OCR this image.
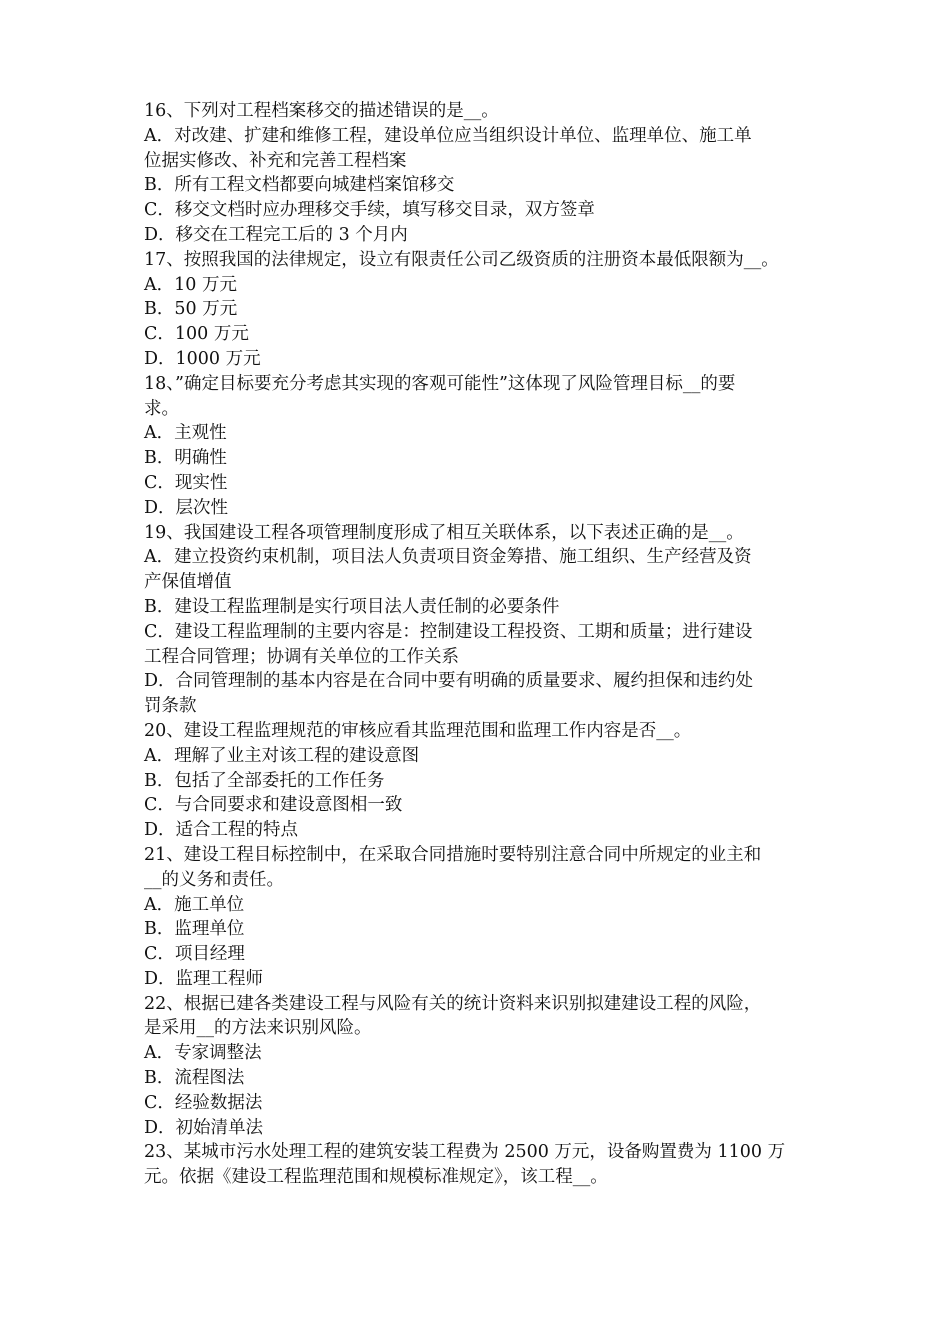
16、下列对工程档案移交的描述错误的是__。
A．对改建、扩建和维修工程，建设单位应当组织设计单位、监理单位、施工单
位据实修改、补充和完善工程档案
B．所有工程文档都要向城建档案馆移交
C．移交文档时应办理移交手续，填写移交目录，双方签章
D．移交在工程完工后的 3 个月内
17、按照我国的法律规定，设立有限责任公司乙级资质的注册资本最低限额为__。
A．10 万元
B．50 万元
C．100 万元
D．1000 万元
18、”确定目标要充分考虑其实现的客观可能性”这体现了风险管理目标__的要
求。
A．主观性
B．明确性
C．现实性
D．层次性
19、我国建设工程各项管理制度形成了相互关联体系，以下表述正确的是__。
A．建立投资约束机制，项目法人负责项目资金筹措、施工组织、生产经营及资
产保值增值
B．建设工程监理制是实行项目法人责任制的必要条件
C．建设工程监理制的主要内容是：控制建设工程投资、工期和质量；进行建设
工程合同管理；协调有关单位的工作关系
D．合同管理制的基本内容是在合同中要有明确的质量要求、履约担保和违约处
罚条款
20、建设工程监理规范的审核应看其监理范围和监理工作内容是否__。
A．理解了业主对该工程的建设意图
B．包括了全部委托的工作任务
C．与合同要求和建设意图相一致
D．适合工程的特点
21、建设工程目标控制中，在采取合同措施时要特别注意合同中所规定的业主和
__的义务和责任。
A．施工单位
B．监理单位
C．项目经理
D．监理工程师
22、根据已建各类建设工程与风险有关的统计资料来识别拟建建设工程的风险，
是采用__的方法来识别风险。
A．专家调整法
B．流程图法
C．经验数据法
D．初始清单法
23、某城市污水处理工程的建筑安装工程费为 2500 万元，设备购置费为 1100 万
元。依据《建设工程监理范围和规模标准规定》，该工程__。
